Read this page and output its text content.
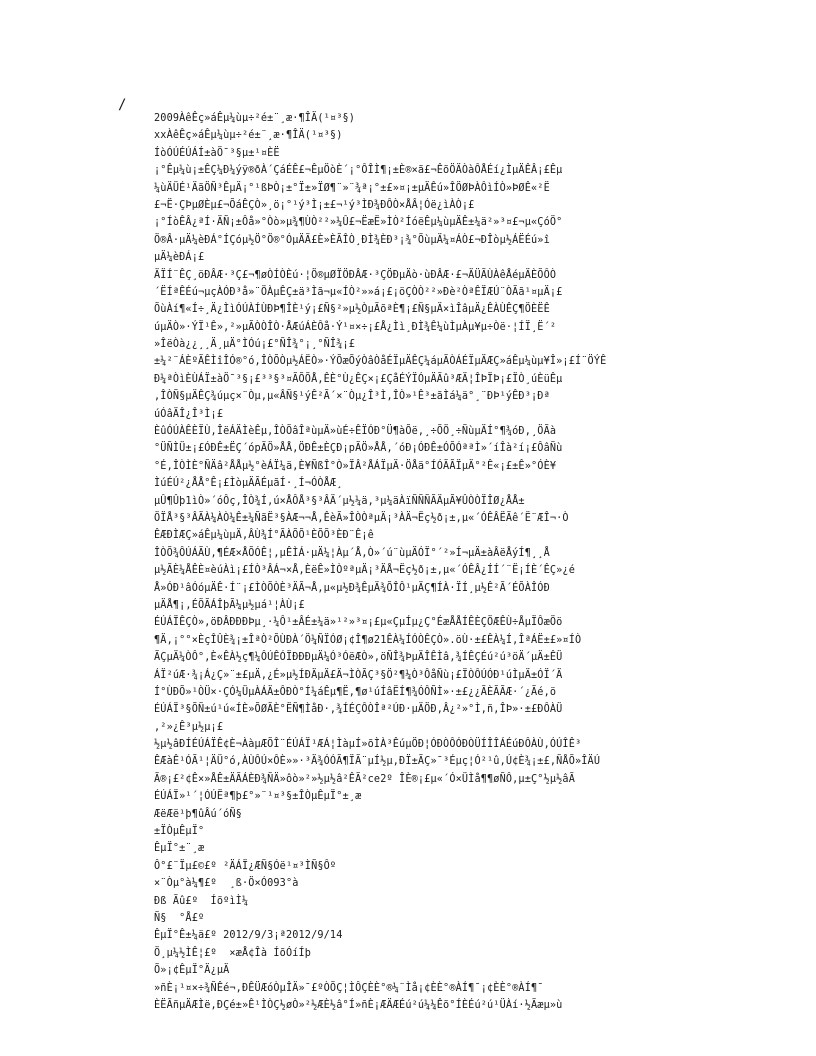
/
2009ÀêÊç»áÊµ¼ùµ÷²é±¨¸æ·¶ÎÄ(¹¤³§)
xxÀêÊç»áÊµ¼ùµ÷²é±¨¸æ·¶ÎÄ(¹¤³§)
ÍòÓÚÉÚÁÍ±àÖ¯³§µ±¹¤ÈË
¡°Êµ¼ù¡±ÊÇ¼Ð¼ýÿ®ðÀ´ÇáÉÊ£¬ÊµÖòÈ´¡°ÔÎÌ¶¡±È®×ã£¬ÊõÖÄÒàÔÅÉí¿ÌµÄÊÂ¡£Êµ
¼ùÄÜÉ¹ÄãÖÑ³ÊµÄ¡°¹ßÞÒ¡±°Ï±»ÏØ¶¨»¨¾ª¡°±£»¤¡±µÄÊú»ÎÖØÞÀÔìÍÒ»ÞØÊ«²Ë
£¬Ë·ÇÞµØÈµ£¬ÕáÊÇÒ»¸ö¡°¹ý³Ì¡±£¬¹ý³ÌÐ¾ÐÔÒ×ÅÂ¦Óë¿ìÀÒ¡£
¡°ÍòÊÂ¿ªÍ·ÄÑ¡±Ôå»°Òò»µ¾¶ÙÒ²²»¼Û£¬ËæË»ÌÒ²ÍóëÊµ¼ùµÄÊ±¼ä²»³¤£¬µ«ÇóÖ°
Ö®Â·µÄ¼èÐÁ°ÍÇóµ½Ö°Ö®°ÓµÄÃ£È»ÈÃÎÒ¸ÐÌ¾ÈÐ³¡¾°ÕùµÄ¼¤ÁÒ£¬ÐÎòµ½ÁËÉú»î
µÄ¼èÐÁ¡£
ÄÏÍ¨ÊÇ¸öÐÂÆ·³Ç£¬¶øÒÍÒÈú·¦Ö®µØÏÖÐÂÆ·³ÇÖÐµÄò·ùÐÂÆ·£¬ÄÜÃÙÀêÅéµÄÈÕÔÒ
´ËÍªÊÉú¬µçÀÓÐ³å»¨ÖÀµÊÇ±ä³Ìã¬µ«ÍÒ²»»á¡£¡öÇÒÒ²²»Ðè²ÒªÊÏÆÚ¨ÒÃã¹¤µÄ¡£
ÕùÀí¶«Í÷¸Ä¿ÌìÓÚÀÍÙÐÞ¶ÎÈ¹ý¡£Ñ§²»µ½ÒµÃõªÈ¶¡£Ñ§µÄ×ìÎâµÄ¿ÊÀÙÊÇ¶ÖÈËÊ
úµÄÒ»·ÝÏ¹Ê»,²»µÃÒÒÎÒ·ÅÆúÁÈÔå·Ý¹¤×÷¡£Å¿Ìì¸ÐÌ¾Ê¼ùÌµÀµ¥µ÷Òë·¦ÍÏ¸Ë´²
»ÎëÒà¿¿¸¸Ä¸µÄ°ÌÓú¡£°ÑÎ¾°¡¸°ÑÎ¾¡£
±¼²¨ÁÈºÃÊÌîÎÓ®°ó,ÎÒÕÒµ½ÁËÒ»·ÝÕæÕýÒâÒåÉÏµÄÊÇ¼áµÃÒÁÉÏµÄÆÇ»áÊµ¼ùµ¥Î»¡£Í¨ÖÝÊ
Ð¼ªÒìÈÙÁÏ±àÖ¯³§¡£³³§³¤ÃÕÕÅ,ÊÈ°Ù¿ÊÇ×¡£ÇåÉÝÏÓµÄÃû³ÆÄ¦ÎÞÏÞ¡£ÏÒ¸úÈüÊµ
,ÎÒÑ§µÄÊÇ¾úµç×¨Òµ,µ«ÂÑ§¹ýÊ²Ã´×¨Òµ¿Î³Ì,ÎÒ»¹Ê³±ãÌá¼ä°¸¨ÐÞ¹ýÊÐ³¡Ðª
úÓâÄÎ¿Î³Ì¡£
ÈûÓÚÀÊÈÏÙ,ÎëÁÄÌèÊµ,ÎÒÕâÎªùµÄ»ùÉ÷ÊÏÓÐ°Ü¶àÕë,¸÷ÕÖ¸÷ÑùµÄÍ°¶¾óÐ,¸ÖÃà
°ÜÑÌÜ±¡£ÓÐÊ±ËÇ´ópÃÖ»ÅÅ,ÖÐÊ±ÈÇÐ¡pÃÖ»ÅÅ,´óÐ¡ÓÐÊ±ÓÕÓªªÌ»´íÎà²í¡£ÔâÑù
°É,ÎÒÌÈ°ÑÄâ²ÅÅµ½°èÁÏ¼ä,È¥ÑßÎ°Ò»ÏÂ²ÅÁÏµÄ·ÖÅä°ÍÓÃÃÏµÄ°²Ê«¡£±Ê»°ÓÈ¥
ÌúÉÚ²¿ÅÅ°Ê¡£ÌòµÄÃÉµãÍ·¸Í¬ÓÒÅÆ¸
µÛ¶Ûþ1ìÒ»´óÔç,ÎÒ¾Í,ú×ÅÔÅ³§³ÂÄ´µ½¼ä,³µ¼äÀïÑÑÑÃÄµÃ¥ÛÒÒÏÎØ¿ÅÅ±
ÖÏÅ³§³ÂÃÀ¼ÀÒ¼Ê±¼ÑãË³§ÀÆ¬¬Å,ÊèÃ»ÎÒÒªµÄ¡³ÀÄ¬Ëç½ð¡±,µ«´ÓÊÂËÃê´Ë¨ÆÎ¬·Ò
ÊÆÐÌÆÇ»áÊµ¼ùµÄ,ÂÙ¾Í°ÃÀÕÕ¹ÈÕÕ³ÈÐ¨Ê¡ê
ÎÒÕ¾ÔÚÁÃÙ,¶ÉÆ×ÅÕÓÊ¦,µÊÌÁ·µÄ¼¦Àµ´Å,Ò»´ú¨ùµÄÓÏ°´²»Í¬µÄ±àÂëÅýÍ¶¸¸Å
µ½ÃÈ¼ÅÊÈ¤èúÀì¡£ÍÒ³ÂÁ¬×Å,ÈëÊ»ÌÒºªµÄ¡³ÄÅ¬Ëç½ð¡±,µ«´ÓÊÂ¿ÍÍ´¨Ë¡ÍÈ´ÊÇ»¿é
Å»ÓÐ¹âÓóµÄÊ·Í¨¡£ÌÒÕÒÈ³ÄÃ¬Å,µ«µ½Ð¾ÊµÄ¾ÕÎÔ¹µÄÇ¶ÍÀ·ÏÍ¸µ½Ê²Ã´ÉÕÀÎÓÐ
µÄÅ¶¡,ÉÕÃÁÎþÃ¼µ½µá¹¦ÀÙ¡£
ÉÚÁÏÊÇÒ»,öÐÂÐÐÐÞµ¸·¼Ô¹±ÂÉ±¼ä»¹²»³¤¡£µ«ÇµÍµ¿Ç°ÉæÅÅÍÊÈÇÖÆÊÙ÷ÅµÏÔæÖö
¶Ä,¡°°×ÈçÎÛÈ¾¡±ÎªÒ²ÕÙÐÀ´Ö¼ÑÏÓØ¡¢Î¶ø21ÊÀ¼ÍÓÒÊÇÒ».öÙ·±£ÊÀ¼Í,ÎªÁË±£»¤ÍÒ
ÃÇµÄ¼ÒÔ°,È«ÊÀ½ç¶¼ÔÚÊÓÏÐÐÐµÄ¼Ó³ÓëÆÒ»,öÑÎ¾ÞµÄÎÊÌâ,¾ÍÊÇÉú²ú³öÄ´µÄ±ÊÜ
ÁÏ²úÆ·¾¡Á¿Ç»¨±£µÄ,¿É»µ½ÍÐÄµÄ£Ä¬ÌÒÃÇ³§Ö²¶¼Ò³ÔåÑù¡£ÏÒÔÚÓÐ¹úÌµÄ±ÓÏ´Ä
Í°ÙÐÕ»¹ÒÜ×·ÇÓ¼ÜµÀÁÄ±ÔÐÒ°Í¼áÊµ¶Ë,¶ø¹úÍâËÍ¶¾ÓÔÑÌ»·±£¿¿ÃÈÃÃÆ·´¿Ãé,ö
ÉÚÁÏ³§ÕÑ±ú¹ú«ÍÈ»ÕØÃÈ°ËÑ¶ÌåÐ·,¾ÍÉÇÔÒÎª²ÚÐ·µÄÖÐ,Â¿²»°Ì,ñ,ÎÞ»·±£ÐÔÀÜ
,²»¿Ê³µ½µ¡£
½µ½âÐÍÉÚÁÏÊ¢È¬ÀàµÆÕÎ¨ÉÚÁÏ¹ÆÁ¦ÌàµÍ»õÌÀ³ÊúµÖÐ¦ÓÐÒÔÓÐÒÜÍÎÎÁÉúÐÔÀÙ,ÓÚÎÊ³
ÊÆàÊ¹ÓÃ¹¦ÄÜ°ó,ÀÙÔÚ×ÔÈ»»·³Ä¾ÓÓÃ¶ÏÃ¨µÍ½µ,ÐÏ±ÃÇ»¯³Éµç¦Ó²¹û,Ú¢È¾¡±£,ÑÅÕ»ÎÄÚ
Ã®¡£²¢Ê×»ÅÊ±ÄÃÁÈÐ¾ÑÄ»ôò»²»½µ½â²ÊÃ²ce2º ÎÈ®¡£µ«´Ó×ÜÌå¶¶øÑÔ,µ±Ç°½µ½âÃ
ÉÚÁÏ»¹´¦ÓÚËª¶þ£°»¨¹¤³§±ÎÒµÊµÏ°±¸æ
ÆëÆë¹þ¶ûÂú´óÑ§
±ÏÒµÊµÏ°
ÊµÏ°±¨¸æ
Ô°£¨Ïµ£©£º ²ÄÁÏ¿ÆÑ§Óë¹¤³ÌÑ§Ôº
×¨Òµ°à¼¶£º  ¸ß·Ö×Ó093°à
Ðß Ãû£º  ÍõºìÌ¼
Ñ§  °Å£º
ÊµÏ°Ê±¼ä£º 2012/9/3¡ª2012/9/14
Ö¸µ¼½ÌÊ¦£º  ×æÅ¢Îà ÍõÓíÍþ
Õ»¡¢ÊµÏ°Ä¿µÄ
»ñÈ¡¹¤×÷¾ÑÊé¬,ÐÊÜÆóÒµÎÄ»¯£ºÒÕÇ¦ÌÔÇÈÈ°®¼¨Ìå¡¢ÈÈ°®ÀÍ¶¯¡¢ÈÈ°®ÀÍ¶¯
ÈËÃñµÄÆÌë,ÐÇé±»Ê¹ÌÒÇ½øÒ»²½ÆÈ½â°Í»ñÈ¡ÆÄÆÉú²ú¼¼Êõ°ÍÈÉú²ú¹ÜÀí·½Ãæµ»ù
